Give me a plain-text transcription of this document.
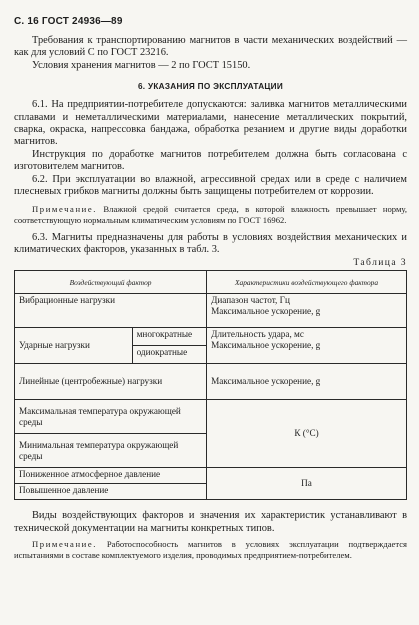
С. 16 ГОСТ 24936—89

Требования к транспортированию магнитов в части механических воздействий — как для условий С по ГОСТ 23216.

Условия хранения магнитов — 2 по ГОСТ 15150.

6. УКАЗАНИЯ ПО ЭКСПЛУАТАЦИИ

6.1. На предприятии-потребителе допускаются: заливка магнитов металлическими сплавами и неметаллическими материалами, нанесение металлических покрытий, сварка, окраска, напрессовка бандажа, обработка резанием и другие виды доработки магнитов.

Инструкция по доработке магнитов потребителем должна быть согласована с изготовителем магнитов.

6.2. При эксплуатации во влажной, агрессивной средах или в среде с наличием плесневых грибков магниты должны быть защищены потребителем от коррозии.

Примечание. Влажной средой считается среда, в которой влажность превышает норму, соответствующую нормальным климатическим условиям по ГОСТ 16962.

6.3. Магниты предназначены для работы в условиях воздействия механических и климатических факторов, указанных в табл. 3.

Таблица 3
Воздействующий фактор		Характеристики воздействующего фактора
Вибрационные нагрузки		Диапазон частот, Гц
Максимальное ускорение, g
Ударные нагрузки	многократные	Длительность удара, мс
Максимальное ускорение, g
	одиократные	
Линейные (центробежные) нагрузки		Максимальное ускорение, g
Максимальная температура окружающей среды		К (°С)
Минимальная температура окружающей среды		
Пониженное атмосферное давление		Па
Повышенное давление		

Виды воздействующих факторов и значения их характеристик устанавливают в технической документации на магниты конкретных типов.

Примечание. Работоспособность магнитов в условиях эксплуатации подтверждается испытаниями в составе комплектуемого изделия, проводимых предприятием-потребителем.
